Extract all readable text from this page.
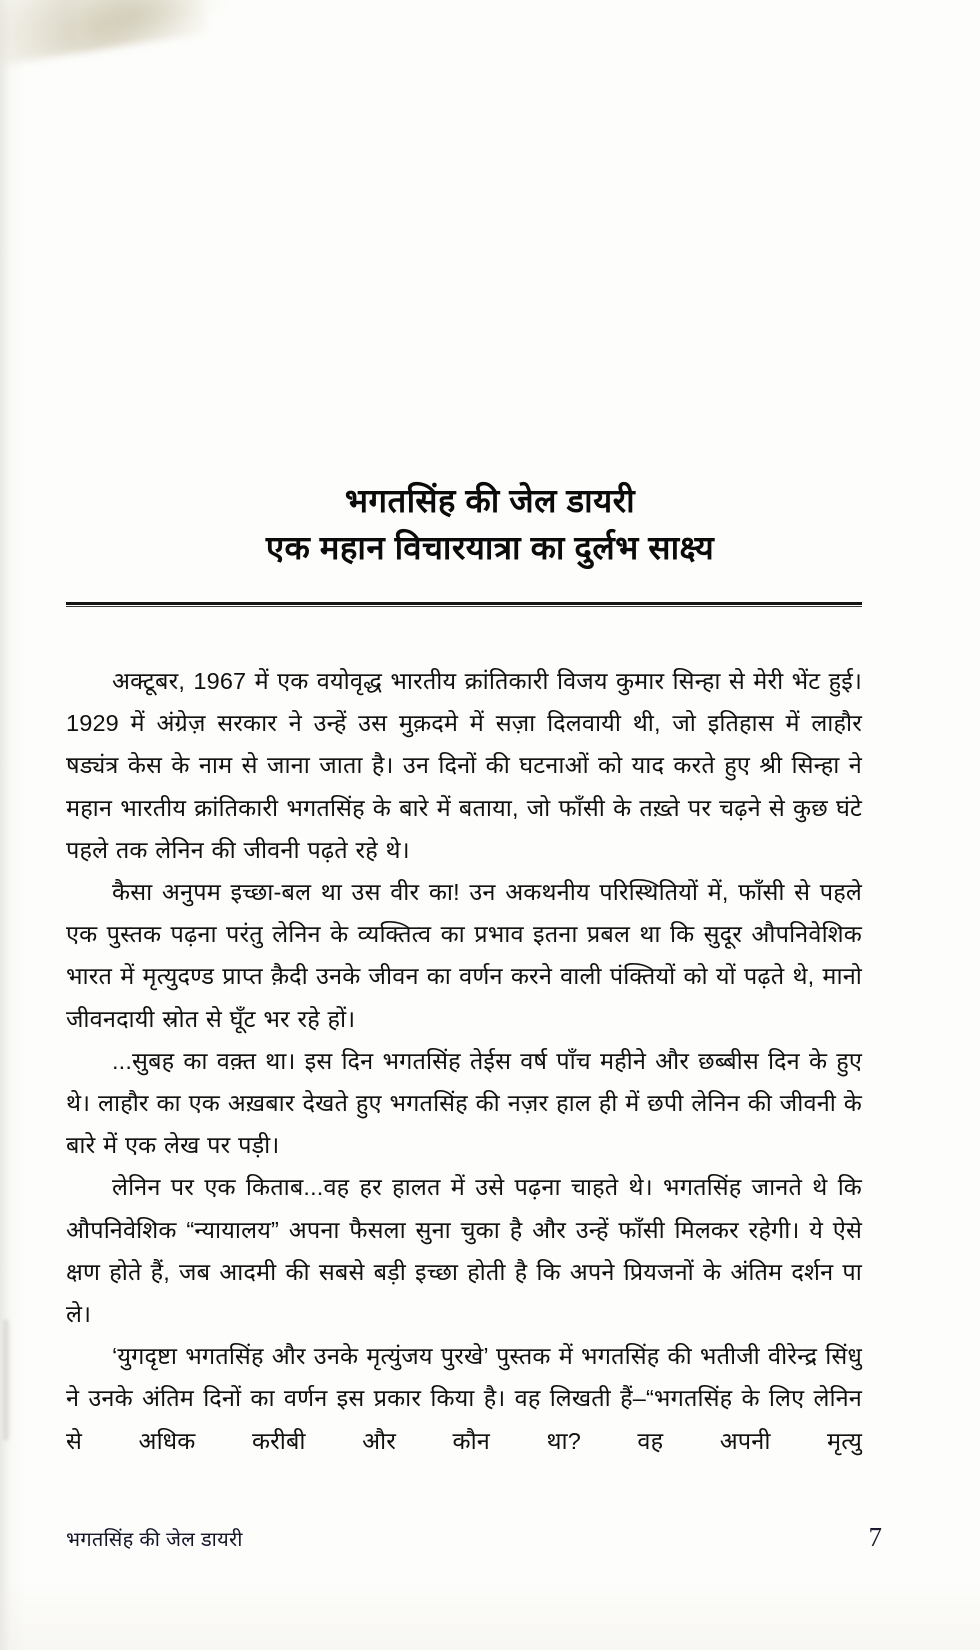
भगतसिंह की जेल डायरी
एक महान विचारयात्रा का दुर्लभ साक्ष्य

अक्टूबर, 1967 में एक वयोवृद्ध भारतीय क्रांतिकारी विजय कुमार सिन्हा से मेरी भेंट हुई। 1929 में अंग्रेज़ सरकार ने उन्हें उस मुक़दमे में सज़ा दिलवायी थी, जो इतिहास में लाहौर षड्यंत्र केस के नाम से जाना जाता है। उन दिनों की घटनाओं को याद करते हुए श्री सिन्हा ने महान भारतीय क्रांतिकारी भगतसिंह के बारे में बताया, जो फाँसी के तख़्ते पर चढ़ने से कुछ घंटे पहले तक लेनिन की जीवनी पढ़ते रहे थे।

कैसा अनुपम इच्छा-बल था उस वीर का! उन अकथनीय परिस्थितियों में, फाँसी से पहले एक पुस्तक पढ़ना परंतु लेनिन के व्यक्तित्व का प्रभाव इतना प्रबल था कि सुदूर औपनिवेशिक भारत में मृत्युदण्ड प्राप्त क़ैदी उनके जीवन का वर्णन करने वाली पंक्तियों को यों पढ़ते थे, मानो जीवनदायी स्रोत से घूँट भर रहे हों।

...सुबह का वक़्त था। इस दिन भगतसिंह तेईस वर्ष पाँच महीने और छब्बीस दिन के हुए थे। लाहौर का एक अख़बार देखते हुए भगतसिंह की नज़र हाल ही में छपी लेनिन की जीवनी के बारे में एक लेख पर पड़ी।

लेनिन पर एक किताब...वह हर हालत में उसे पढ़ना चाहते थे। भगतसिंह जानते थे कि औपनिवेशिक “न्यायालय” अपना फैसला सुना चुका है और उन्हें फाँसी मिलकर रहेगी। ये ऐसे क्षण होते हैं, जब आदमी की सबसे बड़ी इच्छा होती है कि अपने प्रियजनों के अंतिम दर्शन पा ले।

‘युगदृष्टा भगतसिंह और उनके मृत्युंजय पुरखे’ पुस्तक में भगतसिंह की भतीजी वीरेन्द्र सिंधु ने उनके अंतिम दिनों का वर्णन इस प्रकार किया है। वह लिखती हैं–“भगतसिंह के लिए लेनिन से अधिक करीबी और कौन था? वह अपनी मृत्यु

भगतसिंह की जेल डायरी	7
